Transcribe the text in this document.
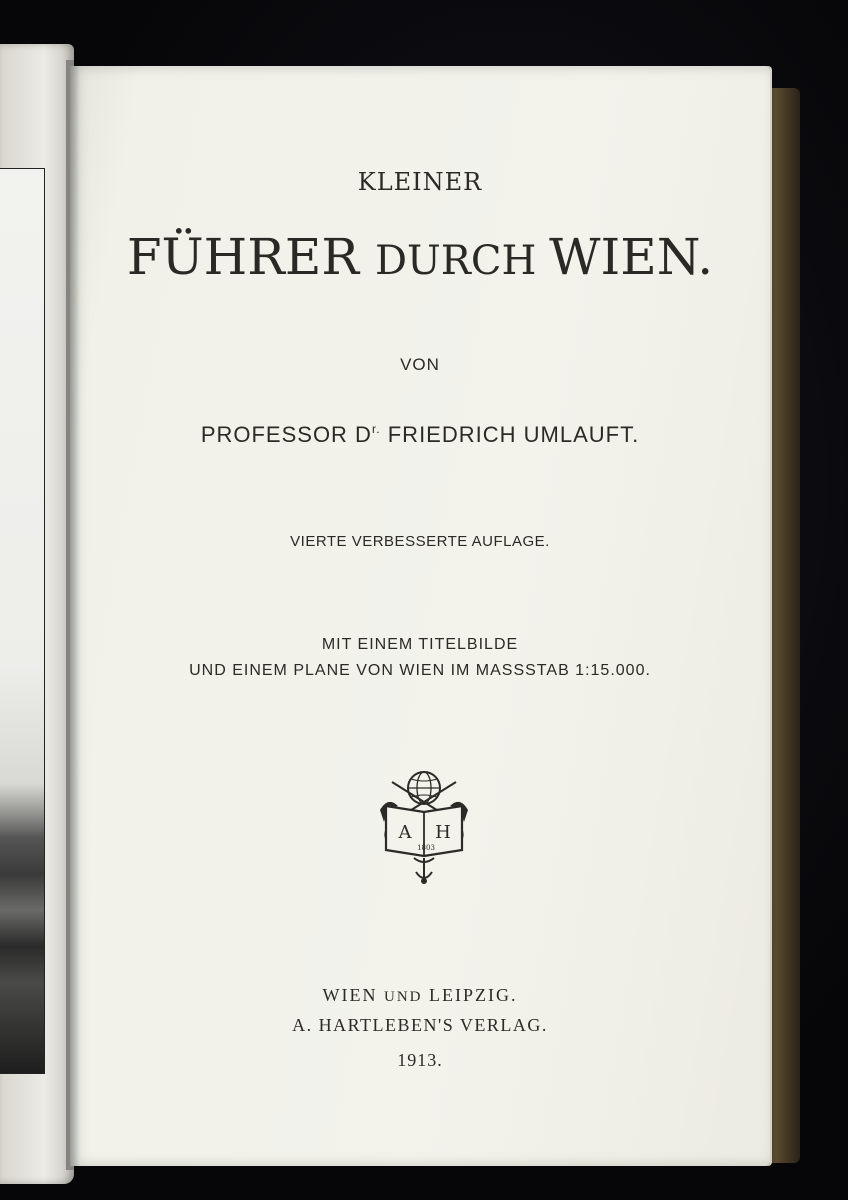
KLEINER
FÜHRER DURCH WIEN.
VON
PROFESSOR $D^{r.}$ FRIEDRICH UMLAUFT.
VIERTE VERBESSERTE AUFLAGE.
MIT EINEM TITELBILDE
UND EINEM PLANE VON WIEN IM MASSSTAB 1:15.000.
A H
1803
WIEN UND LEIPZIG.
A. HARTLEBEN'S VERLAG.
1913.
